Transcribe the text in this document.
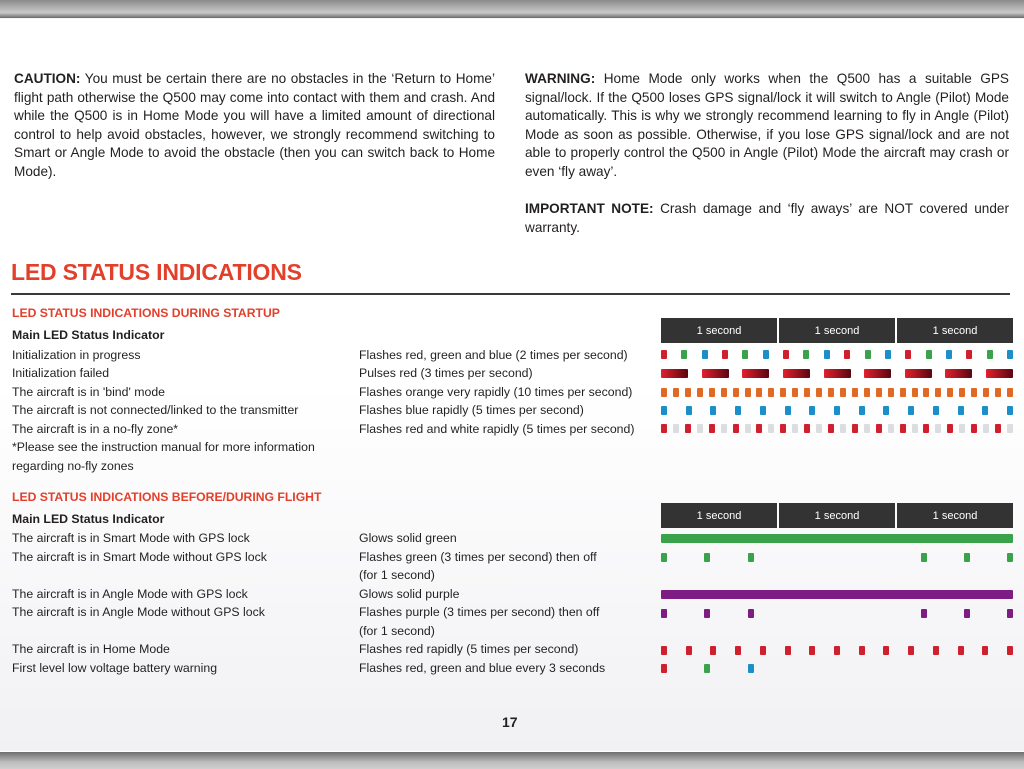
CAUTION: You must be certain there are no obstacles in the ‘Return to Home’ flight path otherwise the Q500 may come into contact with them and crash. And while the Q500 is in Home Mode you will have a limited amount of directional control to help avoid obstacles, however, we strongly recommend switching to Smart or Angle Mode to avoid the obstacle (then you can switch back to Home Mode).
WARNING: Home Mode only works when the Q500 has a suitable GPS signal/lock. If the Q500 loses GPS signal/lock it will switch to Angle (Pilot) Mode automatically. This is why we strongly recommend learning to fly in Angle (Pilot) Mode as soon as possible. Otherwise, if you lose GPS signal/lock and are not able to properly control the Q500 in Angle (Pilot) Mode the aircraft may crash or even ‘fly away’.
IMPORTANT NOTE: Crash damage and ‘fly aways’ are NOT covered under warranty.
LED STATUS INDICATIONS
LED STATUS INDICATIONS DURING STARTUP
Main LED Status Indicator	1 second	1 second	1 second
Initialization in progress	Flashes red, green and blue (2 times per second)
Initialization failed	Pulses red (3 times per second)
The aircraft is in 'bind' mode	Flashes orange very rapidly (10 times per second)
The aircraft is not connected/linked to the transmitter	Flashes blue rapidly (5 times per second)
The aircraft is in a no-fly zone*	Flashes red and white rapidly (5 times per second)
*Please see the instruction manual for more information
regarding no-fly zones
LED STATUS INDICATIONS BEFORE/DURING FLIGHT
Main LED Status Indicator	1 second	1 second	1 second
The aircraft is in Smart Mode with GPS lock	Glows solid green
The aircraft is in Smart Mode without GPS lock	Flashes green (3 times per second) then off
(for 1 second)
The aircraft is in Angle Mode with GPS lock	Glows solid purple
The aircraft is in Angle Mode without GPS lock	Flashes purple (3 times per second) then off
(for 1 second)
The aircraft is in Home Mode	Flashes red rapidly (5 times per second)
First level low voltage battery warning	Flashes red, green and blue every 3 seconds
17
